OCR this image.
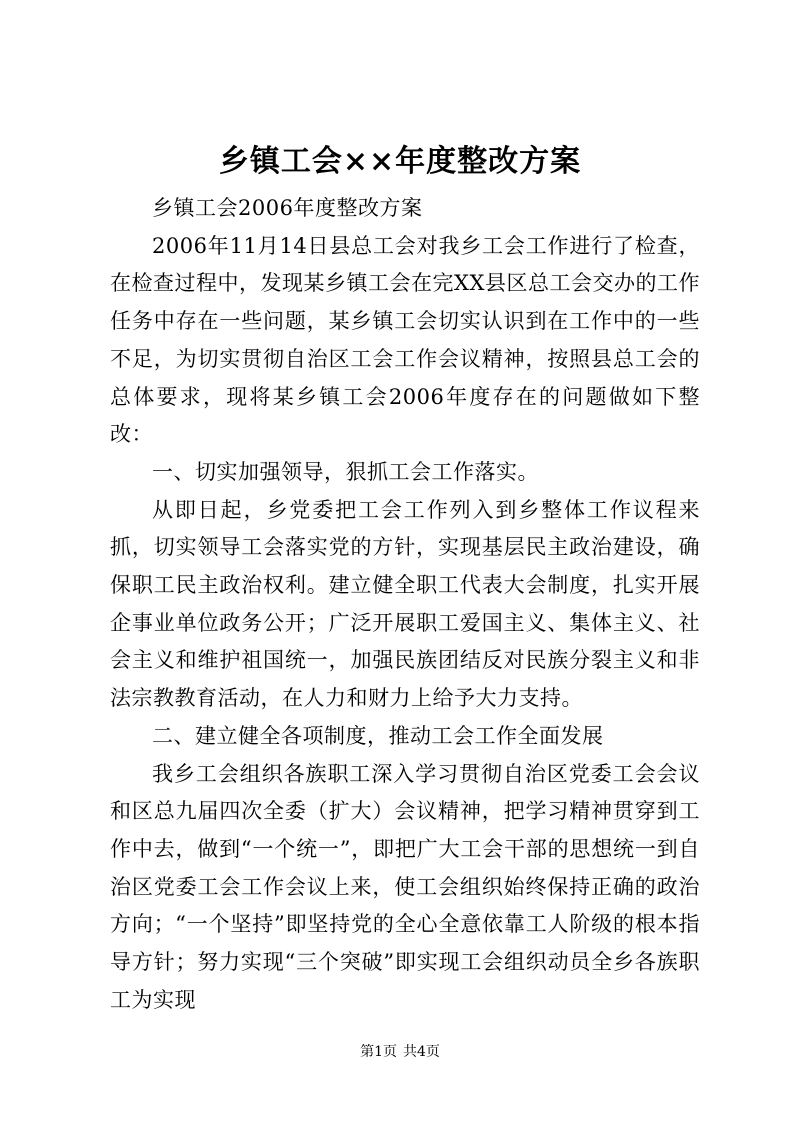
乡镇工会××年度整改方案

乡镇工会2006年度整改方案

2006年11月14日县总工会对我乡工会工作进行了检查，在检查过程中，发现某乡镇工会在完XX县区总工会交办的工作任务中存在一些问题，某乡镇工会切实认识到在工作中的一些不足，为切实贯彻自治区工会工作会议精神，按照县总工会的总体要求，现将某乡镇工会2006年度存在的问题做如下整改：

一、切实加强领导，狠抓工会工作落实。

从即日起，乡党委把工会工作列入到乡整体工作议程来抓，切实领导工会落实党的方针，实现基层民主政治建设，确保职工民主政治权利。建立健全职工代表大会制度，扎实开展企事业单位政务公开；广泛开展职工爱国主义、集体主义、社会主义和维护祖国统一，加强民族团结反对民族分裂主义和非法宗教教育活动，在人力和财力上给予大力支持。

二、建立健全各项制度，推动工会工作全面发展

我乡工会组织各族职工深入学习贯彻自治区党委工会会议和区总九届四次全委（扩大）会议精神，把学习精神贯穿到工作中去，做到“一个统一”，即把广大工会干部的思想统一到自治区党委工会工作会议上来，使工会组织始终保持正确的政治方向；“一个坚持”即坚持党的全心全意依靠工人阶级的根本指导方针；努力实现“三个突破”即实现工会组织动员全乡各族职工为实现

第1页 共4页
